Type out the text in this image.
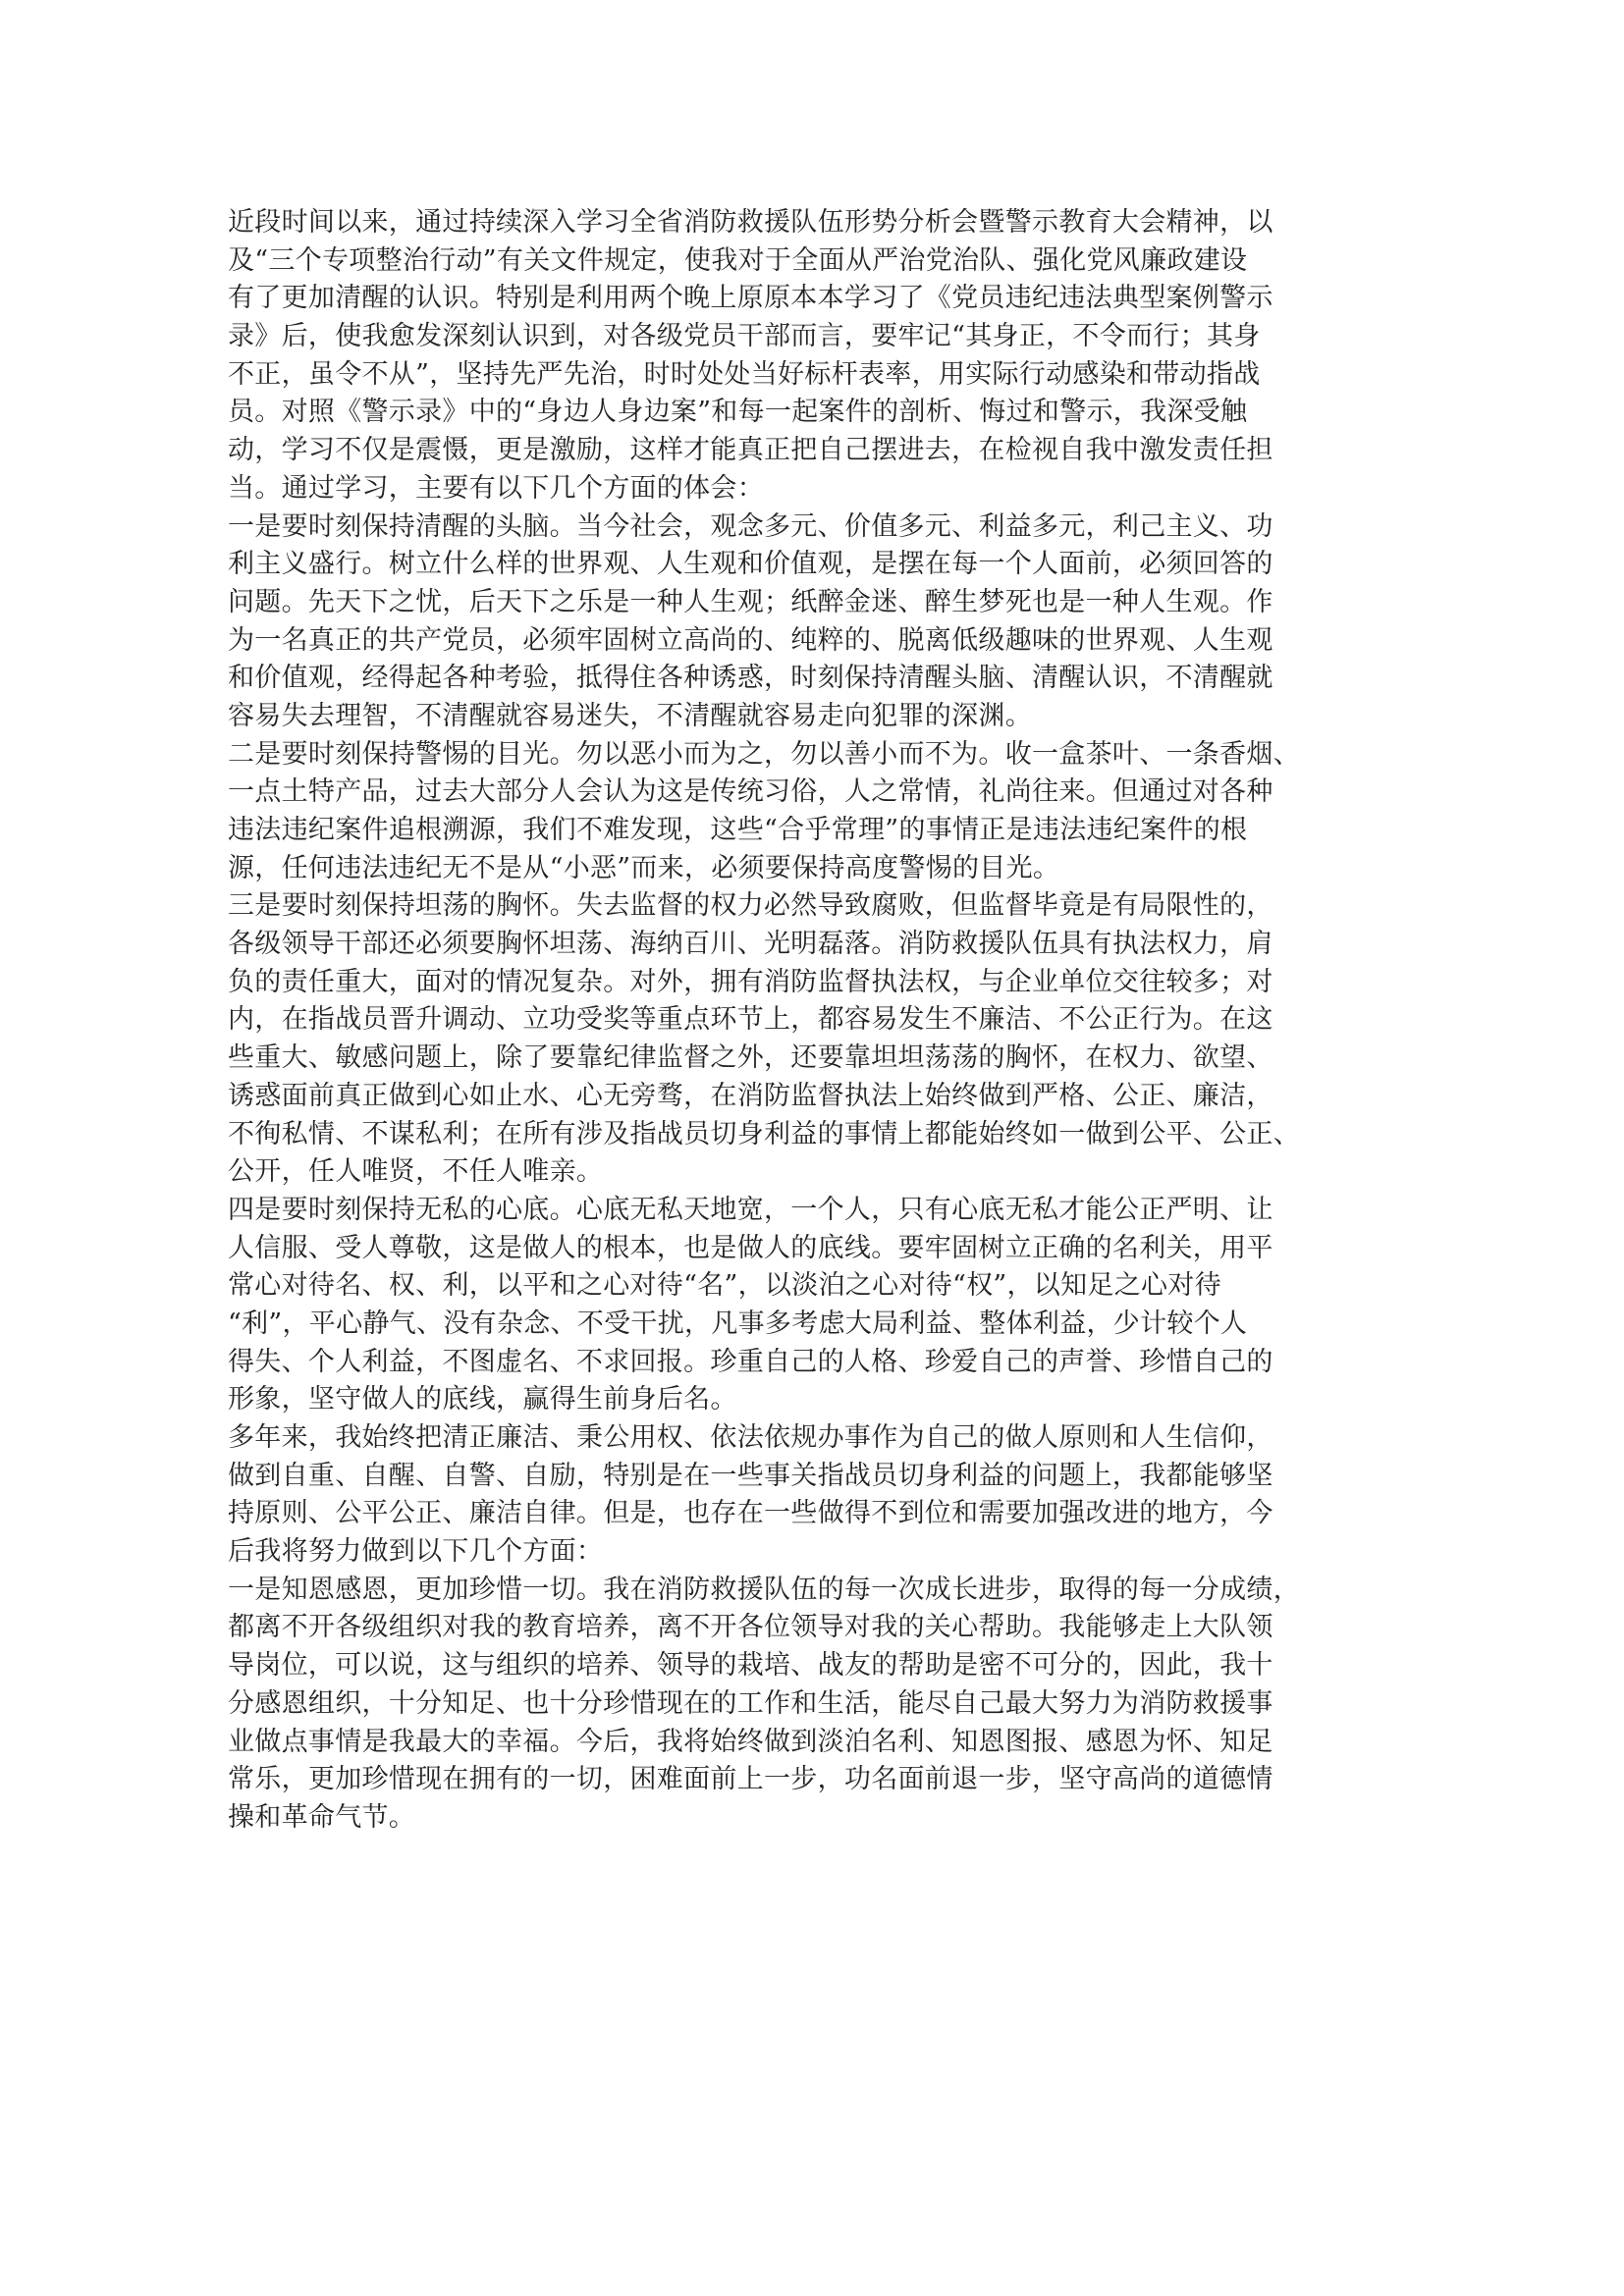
近段时间以来，通过持续深入学习全省消防救援队伍形势分析会暨警示教育大会精神，以
及“三个专项整治行动”有关文件规定，使我对于全面从严治党治队、强化党风廉政建设
有了更加清醒的认识。特别是利用两个晚上原原本本学习了《党员违纪违法典型案例警示
录》后，使我愈发深刻认识到，对各级党员干部而言，要牢记“其身正，不令而行；其身
不正，虽令不从”，坚持先严先治，时时处处当好标杆表率，用实际行动感染和带动指战
员。对照《警示录》中的“身边人身边案”和每一起案件的剖析、悔过和警示，我深受触
动，学习不仅是震慑，更是激励，这样才能真正把自己摆进去，在检视自我中激发责任担
当。通过学习，主要有以下几个方面的体会：
一是要时刻保持清醒的头脑。当今社会，观念多元、价值多元、利益多元，利己主义、功
利主义盛行。树立什么样的世界观、人生观和价值观，是摆在每一个人面前，必须回答的
问题。先天下之忧，后天下之乐是一种人生观；纸醉金迷、醉生梦死也是一种人生观。作
为一名真正的共产党员，必须牢固树立高尚的、纯粹的、脱离低级趣味的世界观、人生观
和价值观，经得起各种考验，抵得住各种诱惑，时刻保持清醒头脑、清醒认识，不清醒就
容易失去理智，不清醒就容易迷失，不清醒就容易走向犯罪的深渊。
二是要时刻保持警惕的目光。勿以恶小而为之，勿以善小而不为。收一盒茶叶、一条香烟、
一点土特产品，过去大部分人会认为这是传统习俗，人之常情，礼尚往来。但通过对各种
违法违纪案件追根溯源，我们不难发现，这些“合乎常理”的事情正是违法违纪案件的根
源，任何违法违纪无不是从“小恶”而来，必须要保持高度警惕的目光。
三是要时刻保持坦荡的胸怀。失去监督的权力必然导致腐败，但监督毕竟是有局限性的，
各级领导干部还必须要胸怀坦荡、海纳百川、光明磊落。消防救援队伍具有执法权力，肩
负的责任重大，面对的情况复杂。对外，拥有消防监督执法权，与企业单位交往较多；对
内，在指战员晋升调动、立功受奖等重点环节上，都容易发生不廉洁、不公正行为。在这
些重大、敏感问题上，除了要靠纪律监督之外，还要靠坦坦荡荡的胸怀，在权力、欲望、
诱惑面前真正做到心如止水、心无旁骛，在消防监督执法上始终做到严格、公正、廉洁，
不徇私情、不谋私利；在所有涉及指战员切身利益的事情上都能始终如一做到公平、公正、
公开，任人唯贤，不任人唯亲。
四是要时刻保持无私的心底。心底无私天地宽，一个人，只有心底无私才能公正严明、让
人信服、受人尊敬，这是做人的根本，也是做人的底线。要牢固树立正确的名利关，用平
常心对待名、权、利，以平和之心对待“名”，以淡泊之心对待“权”，以知足之心对待
“利”，平心静气、没有杂念、不受干扰，凡事多考虑大局利益、整体利益，少计较个人
得失、个人利益，不图虚名、不求回报。珍重自己的人格、珍爱自己的声誉、珍惜自己的
形象，坚守做人的底线，赢得生前身后名。
多年来，我始终把清正廉洁、秉公用权、依法依规办事作为自己的做人原则和人生信仰，
做到自重、自醒、自警、自励，特别是在一些事关指战员切身利益的问题上，我都能够坚
持原则、公平公正、廉洁自律。但是，也存在一些做得不到位和需要加强改进的地方，今
后我将努力做到以下几个方面：
一是知恩感恩，更加珍惜一切。我在消防救援队伍的每一次成长进步，取得的每一分成绩，
都离不开各级组织对我的教育培养，离不开各位领导对我的关心帮助。我能够走上大队领
导岗位，可以说，这与组织的培养、领导的栽培、战友的帮助是密不可分的，因此，我十
分感恩组织，十分知足、也十分珍惜现在的工作和生活，能尽自己最大努力为消防救援事
业做点事情是我最大的幸福。今后，我将始终做到淡泊名利、知恩图报、感恩为怀、知足
常乐，更加珍惜现在拥有的一切，困难面前上一步，功名面前退一步，坚守高尚的道德情
操和革命气节。
